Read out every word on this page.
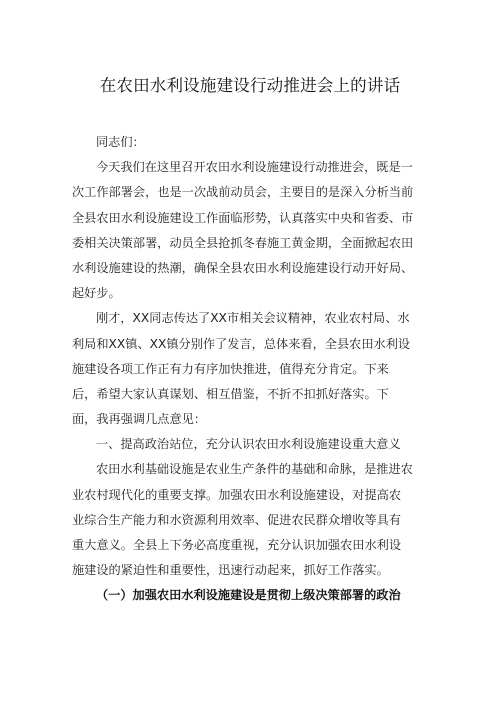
在农田水利设施建设行动推进会上的讲话
同志们：
今天我们在这里召开农田水利设施建设行动推进会，既是一
次工作部署会，也是一次战前动员会，主要目的是深入分析当前
全县农田水利设施建设工作面临形势，认真落实中央和省委、市
委相关决策部署，动员全县抢抓冬春施工黄金期，全面掀起农田
水利设施建设的热潮，确保全县农田水利设施建设行动开好局、
起好步。
刚才，XX同志传达了XX市相关会议精神，农业农村局、水
利局和XX镇、XX镇分别作了发言，总体来看，全县农田水利设
施建设各项工作正有力有序加快推进，值得充分肯定。下来
后，希望大家认真谋划、相互借鉴，不折不扣抓好落实。下
面，我再强调几点意见：
一、提高政治站位，充分认识农田水利设施建设重大意义
农田水利基础设施是农业生产条件的基础和命脉，是推进农
业农村现代化的重要支撑。加强农田水利设施建设，对提高农
业综合生产能力和水资源利用效率、促进农民群众增收等具有
重大意义。全县上下务必高度重视，充分认识加强农田水利设
施建设的紧迫性和重要性，迅速行动起来，抓好工作落实。
（一）加强农田水利设施建设是贯彻上级决策部署的政治
